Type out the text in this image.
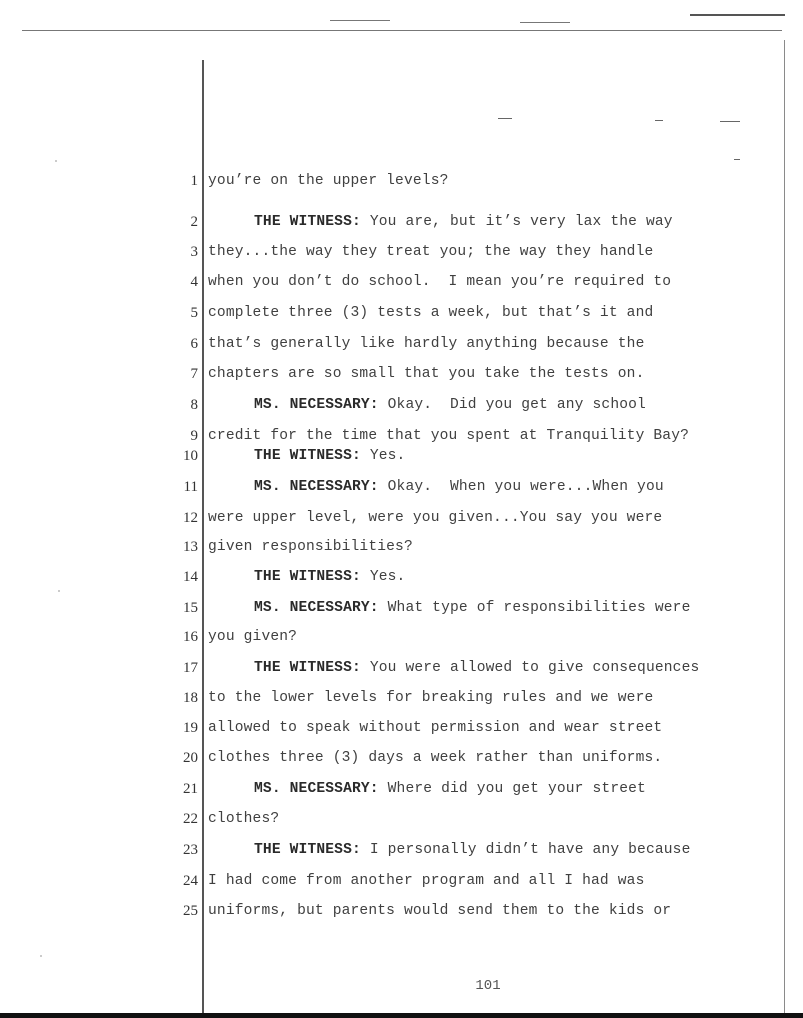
1 you’re on the upper levels?
2	THE WITNESS: You are, but it’s very lax the way
3 they...the way they treat you; the way they handle
4 when you don’t do school.  I mean you’re required to
5 complete three (3) tests a week, but that’s it and
6 that’s generally like hardly anything because the
7 chapters are so small that you take the tests on.
8	MS. NECESSARY: Okay.  Did you get any school
9 credit for the time that you spent at Tranquility Bay?
10	THE WITNESS: Yes.
11	MS. NECESSARY: Okay.  When you were...When you
12 were upper level, were you given...You say you were
13 given responsibilities?
14	THE WITNESS: Yes.
15	MS. NECESSARY: What type of responsibilities were
16 you given?
17	THE WITNESS: You were allowed to give consequences
18 to the lower levels for breaking rules and we were
19 allowed to speak without permission and wear street
20 clothes three (3) days a week rather than uniforms.
21	MS. NECESSARY: Where did you get your street
22 clothes?
23	THE WITNESS: I personally didn’t have any because
24 I had come from another program and all I had was
25 uniforms, but parents would send them to the kids or
101
